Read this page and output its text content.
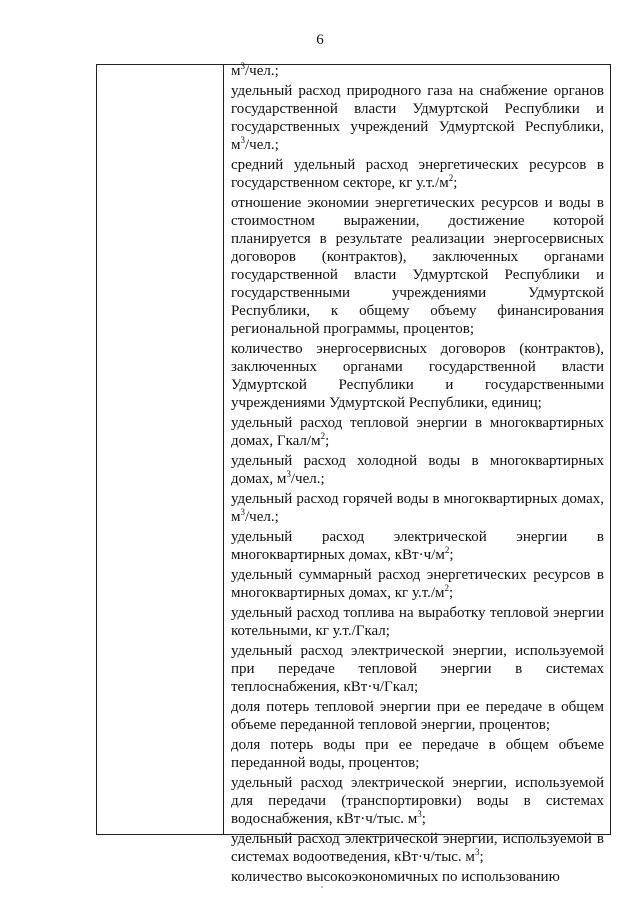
6

$м^3$/чел.;

удельный расход природного газа на снабжение органов государственной власти Удмуртской Республики и государственных учреждений Удмуртской Республики, $м^3$/чел.;

средний удельный расход энергетических ресурсов в государственном секторе, кг $у.т./м^2$;

отношение экономии энергетических ресурсов и воды в стоимостном выражении, достижение которой планируется в результате реализации энергосервисных договоров (контрактов), заключенных органами государственной власти Удмуртской Республики и государственными учреждениями Удмуртской Республики, к общему объему финансирования региональной программы, процентов;

количество энергосервисных договоров (контрактов), заключенных органами государственной власти Удмуртской Республики и государственными учреждениями Удмуртской Республики, единиц;

удельный расход тепловой энергии в многоквартирных домах, Гкал/$м^2$;

удельный расход холодной воды в многоквартирных домах, $м^3$/чел.;

удельный расход горячей воды в многоквартирных домах, $м^3$/чел.;

удельный расход электрической энергии в многоквартирных домах, $кВт\cdot ч/м^2$;

удельный суммарный расход энергетических ресурсов в многоквартирных домах, кг $у.т./м^2$;

удельный расход топлива на выработку тепловой энергии котельными, кг у.т./Гкал;

удельный расход электрической энергии, используемой при передаче тепловой энергии в системах теплоснабжения, кВт·ч/Гкал;

доля потерь тепловой энергии при ее передаче в общем объеме переданной тепловой энергии, процентов;

доля потерь воды при ее передаче в общем объеме переданной воды, процентов;

удельный расход электрической энергии, используемой для передачи (транспортировки) воды в системах водоснабжения, кВт·ч/тыс. $м^3$;

удельный расход электрической энергии, используемой в системах водоотведения, кВт·ч/тыс. $м^3$;

количество высокоэкономичных по использованию
